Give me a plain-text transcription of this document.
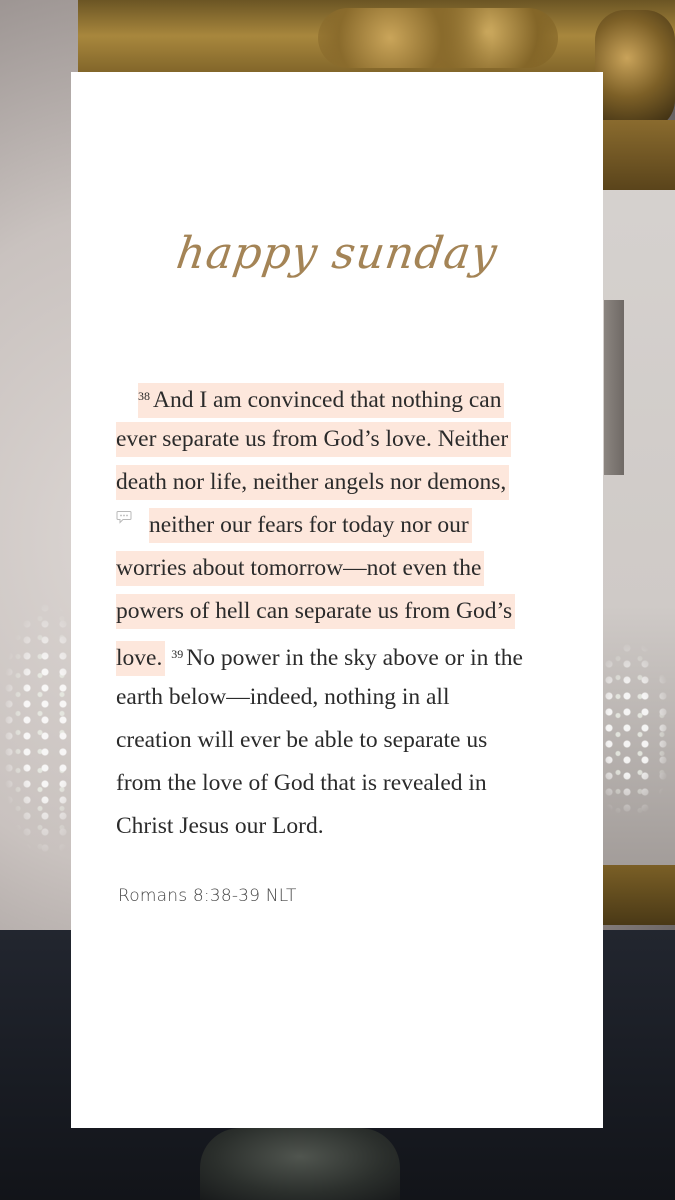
happy sunday
$^{38}$ And I am convinced that nothing can
ever separate us from God’s love. Neither
death nor life, neither angels nor demons,
neither our fears for today nor our
worries about tomorrow—not even the
powers of hell can separate us from God’s
love. $^{39}$ No power in the sky above or in the
earth below—indeed, nothing in all
creation will ever be able to separate us
from the love of God that is revealed in
Christ Jesus our Lord.
Romans 8:38-39 NLT
